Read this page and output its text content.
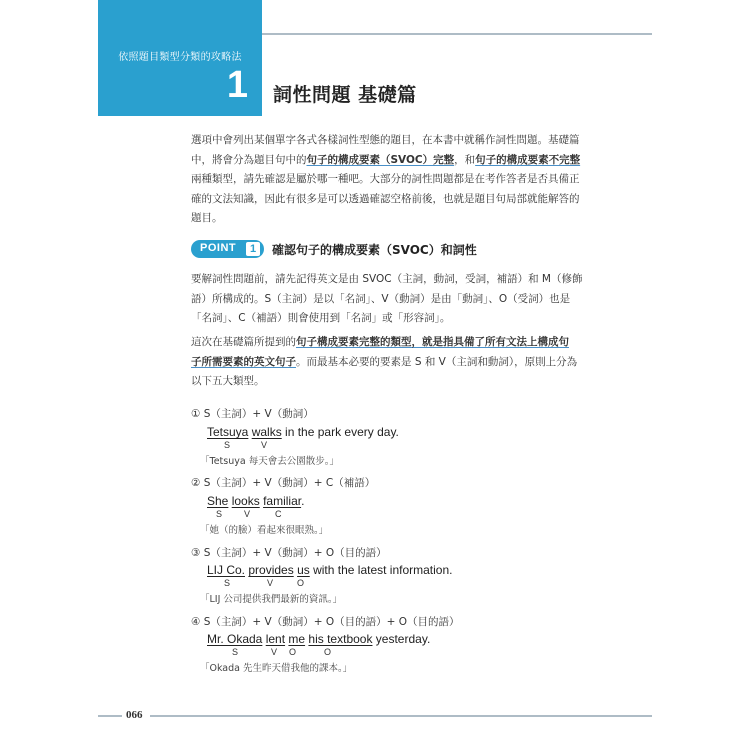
依照題目類型分類的攻略法
1 詞性問題 基礎篇
選項中會列出某個單字各式各樣詞性型態的題目，在本書中就稱作詞性問題。基礎篇
中，將會分為題目句中的句子的構成要素（SVOC）完整，和句子的構成要素不完整
兩種類型，請先確認是屬於哪一種吧。大部分的詞性問題都是在考作答者是否具備正
確的文法知識，因此有很多是可以透過確認空格前後，也就是題目句局部就能解答的
題目。
POINT	1	確認句子的構成要素（SVOC）和詞性
要解詞性問題前，請先記得英文是由 SVOC（主詞，動詞，受詞，補語）和 M（修飾
語）所構成的。S（主詞）是以「名詞」、V（動詞）是由「動詞」、O（受詞）也是
「名詞」、C（補語）則會使用到「名詞」或「形容詞」。
這次在基礎篇所提到的句子構成要素完整的類型，就是指具備了所有文法上構成句
子所需要素的英文句子。而最基本必要的要素是 S 和 V（主詞和動詞），原則上分為
以下五大類型。
① S（主詞）+ V（動詞）
Tetsuya walks in the park every day.
S	V
「Tetsuya 每天會去公園散步。」
② S（主詞）+ V（動詞）+ C（補語）
She looks familiar.
S V	C
「她（的臉）看起來很眼熟。」
③ S（主詞）+ V（動詞）+ O（目的語）
LIJ Co. provides us with the latest information.
S	V	O
「LIJ 公司提供我們最新的資訊。」
④ S（主詞）+ V（動詞）+ O（目的語）+ O（目的語）
Mr. Okada lent me his textbook yesterday.
S	V O	O
「Okada 先生昨天借我他的課本。」
066
